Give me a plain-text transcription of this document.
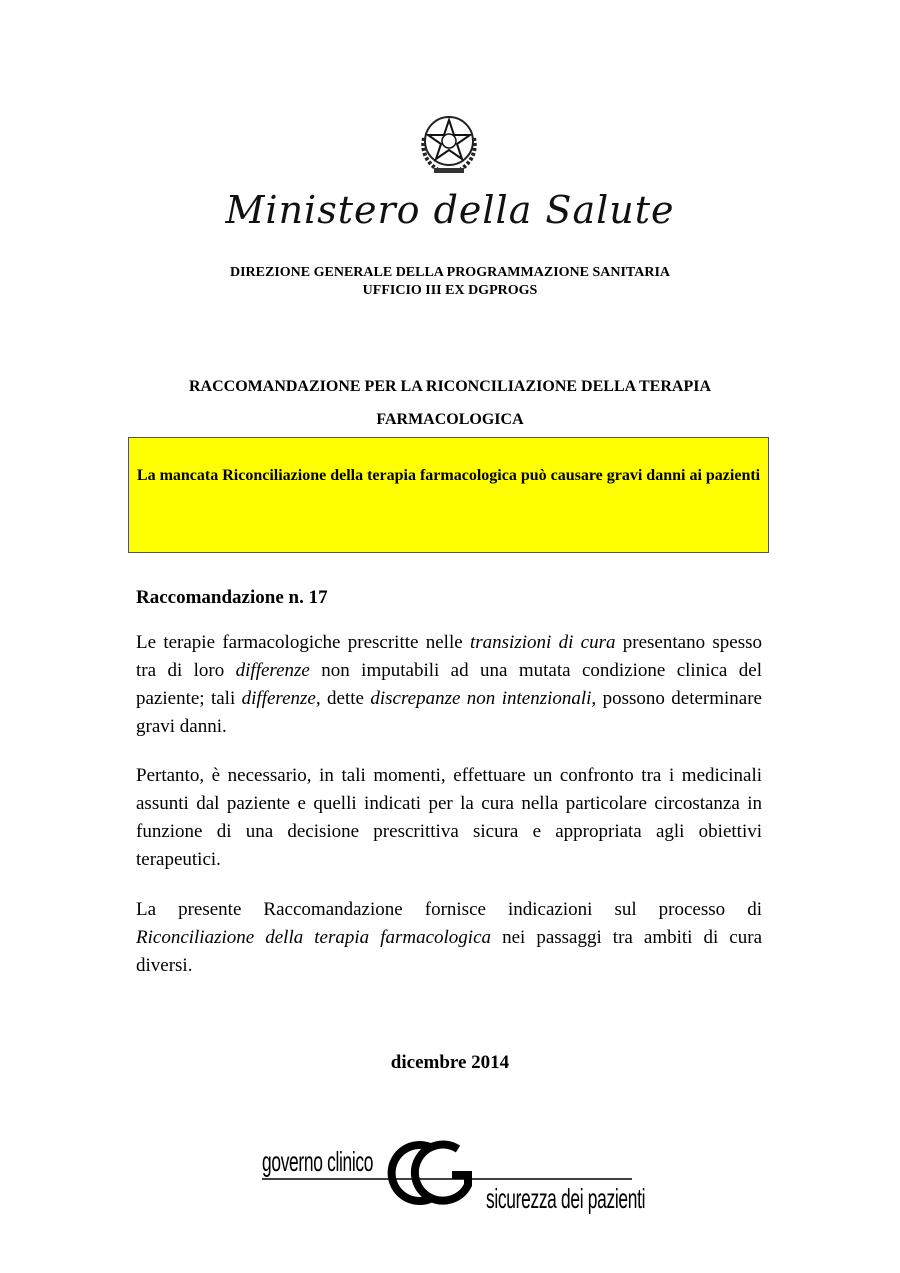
Ministero della Salute
DIREZIONE GENERALE DELLA PROGRAMMAZIONE SANITARIA
UFFICIO III EX DGPROGS
RACCOMANDAZIONE PER LA RICONCILIAZIONE DELLA TERAPIA
FARMACOLOGICA
La mancata Riconciliazione della terapia farmacologica può causare gravi danni ai pazienti
Raccomandazione n. 17

Le terapie farmacologiche prescritte nelle transizioni di cura presentano spesso tra di loro differenze non imputabili ad una mutata condizione clinica del paziente; tali differenze, dette discrepanze non intenzionali, possono determinare gravi danni.

Pertanto, è necessario, in tali momenti, effettuare un confronto tra i medicinali assunti dal paziente e quelli indicati per la cura nella particolare circostanza in funzione di una decisione prescrittiva sicura e appropriata agli obiettivi terapeutici.

La presente Raccomandazione fornisce indicazioni sul processo di Riconciliazione della terapia farmacologica nei passaggi tra ambiti di cura diversi.

dicembre 2014
governo clinico
sicurezza dei pazienti
